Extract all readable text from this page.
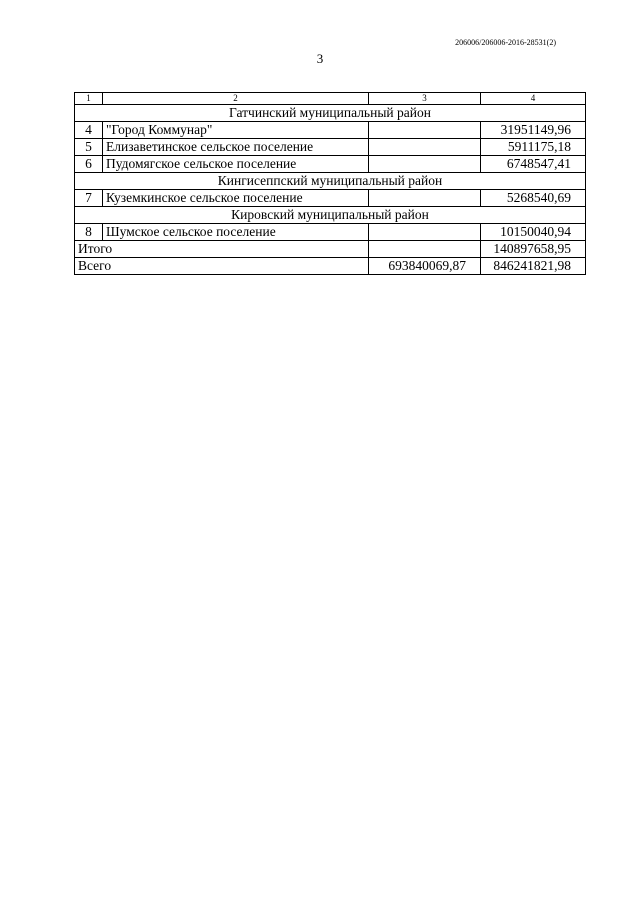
206006/206006-2016-28531(2)
3
1	2	3	4
Гатчинский муниципальный район			
4	"Город Коммунар"		31951149,96
5	Елизаветинское сельское поселение		5911175,18
6	Пудомягское сельское поселение		6748547,41
Кингисеппский муниципальный район			
7	Куземкинское сельское поселение		5268540,69
Кировский муниципальный район			
8	Шумское сельское поселение		10150040,94
Итого			140897658,95
Всего		693840069,87	846241821,98
